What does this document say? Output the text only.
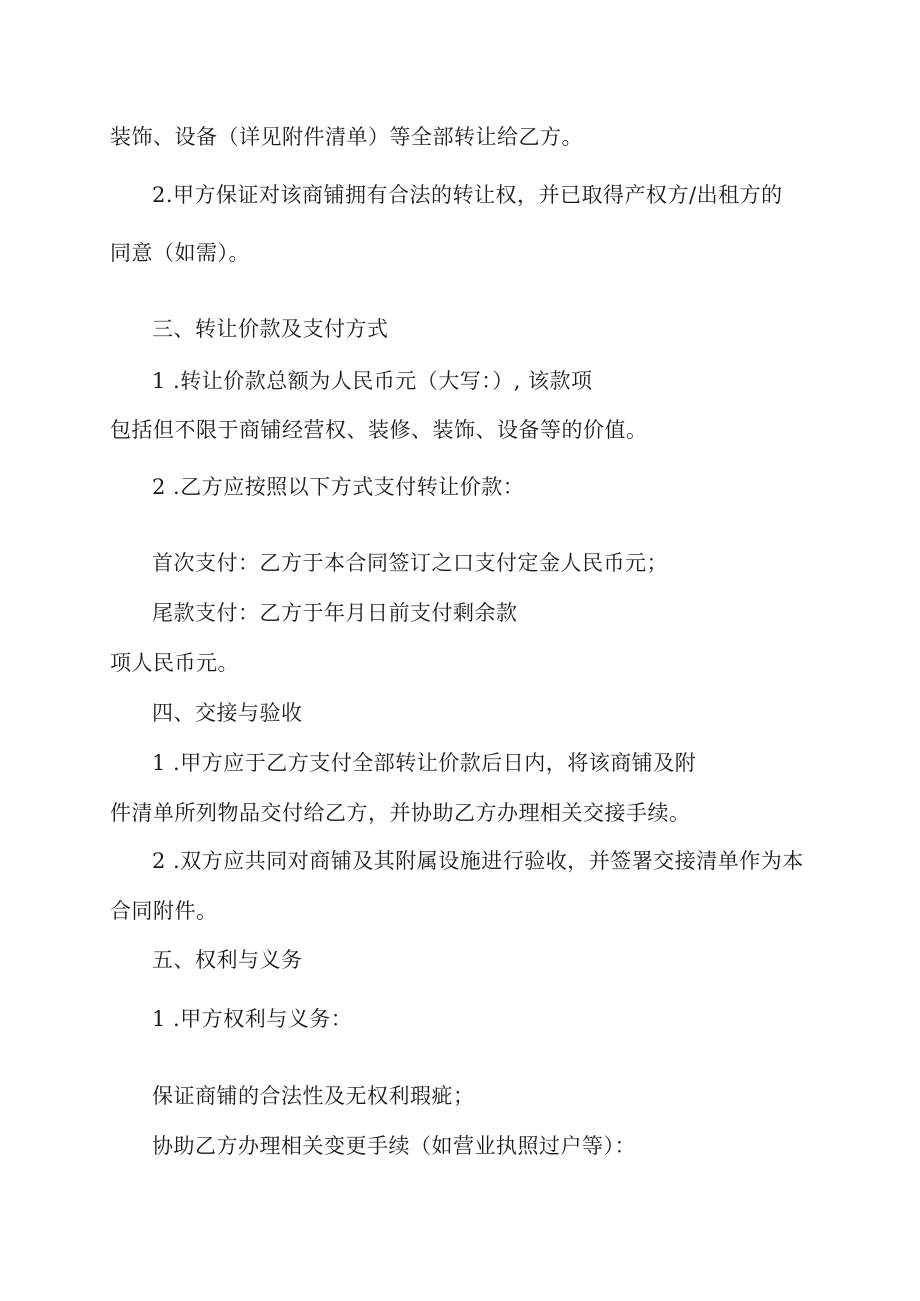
装饰、设备（详见附件清单）等全部转让给乙方。
2.甲方保证对该商铺拥有合法的转让权，并已取得产权方/出租方的
同意（如需）。
三、转让价款及支付方式
1 .转让价款总额为人民币元（大写：）, 该款项
包括但不限于商铺经营权、装修、装饰、设备等的价值。
2 .乙方应按照以下方式支付转让价款：
首次支付：乙方于本合同签订之口支付定金人民币元；
尾款支付：乙方于年月日前支付剩余款
项人民币元。
四、交接与验收
1 .甲方应于乙方支付全部转让价款后日内，将该商铺及附
件清单所列物品交付给乙方，并协助乙方办理相关交接手续。
2 .双方应共同对商铺及其附属设施进行验收，并签署交接清单作为本
合同附件。
五、权利与义务
1 .甲方权利与义务：
保证商铺的合法性及无权利瑕疵；
协助乙方办理相关变更手续（如营业执照过户等）：
